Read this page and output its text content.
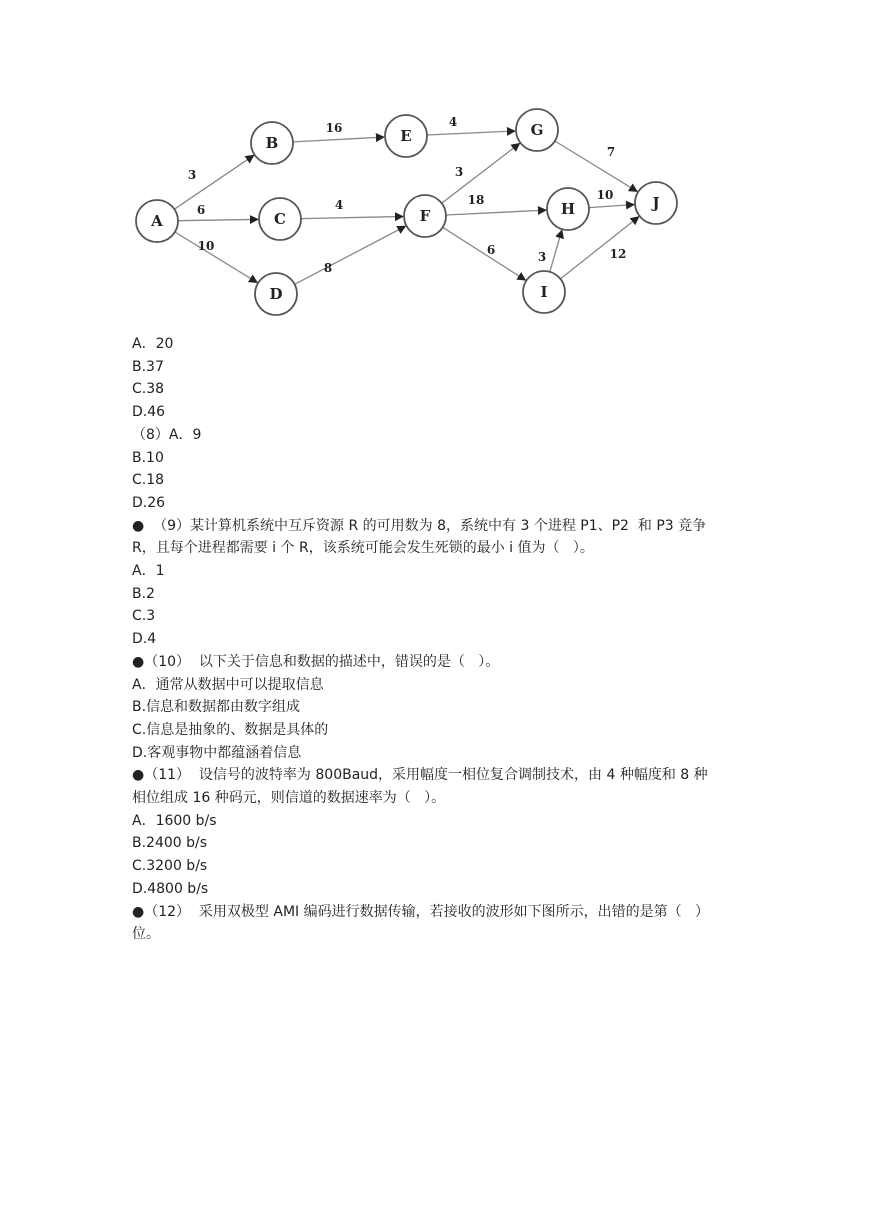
3
6
10
16
4
8
4
3
18
6
7
10
3	12
A
B
C
D
E
F
G
H
I
J
A．20
B.37
C.38
D.46
（8）A．9
B.10
C.18
D.26
●  （9）某计算机系统中互斥资源 R 的可用数为 8，系统中有 3 个进程 P1、P2  和 P3 竞争
R，且每个进程都需要 i 个 R，该系统可能会发生死锁的最小 i 值为（   ）。
A．1
B.2
C.3
D.4
●（10）  以下关于信息和数据的描述中，错误的是（   ）。
A．通常从数据中可以提取信息
B.信息和数据都由数字组成
C.信息是抽象的、数据是具体的
D.客观事物中都蕴涵着信息
●（11）  设信号的波特率为 800Baud，采用幅度一相位复合调制技术，由 4 种幅度和 8 种
相位组成 16 种码元，则信道的数据速率为（   ）。
A．1600 b/s
B.2400 b/s
C.3200 b/s
D.4800 b/s
●（12）  采用双极型 AMI 编码进行数据传输，若接收的波形如下图所示，出错的是第（   ）
位。
